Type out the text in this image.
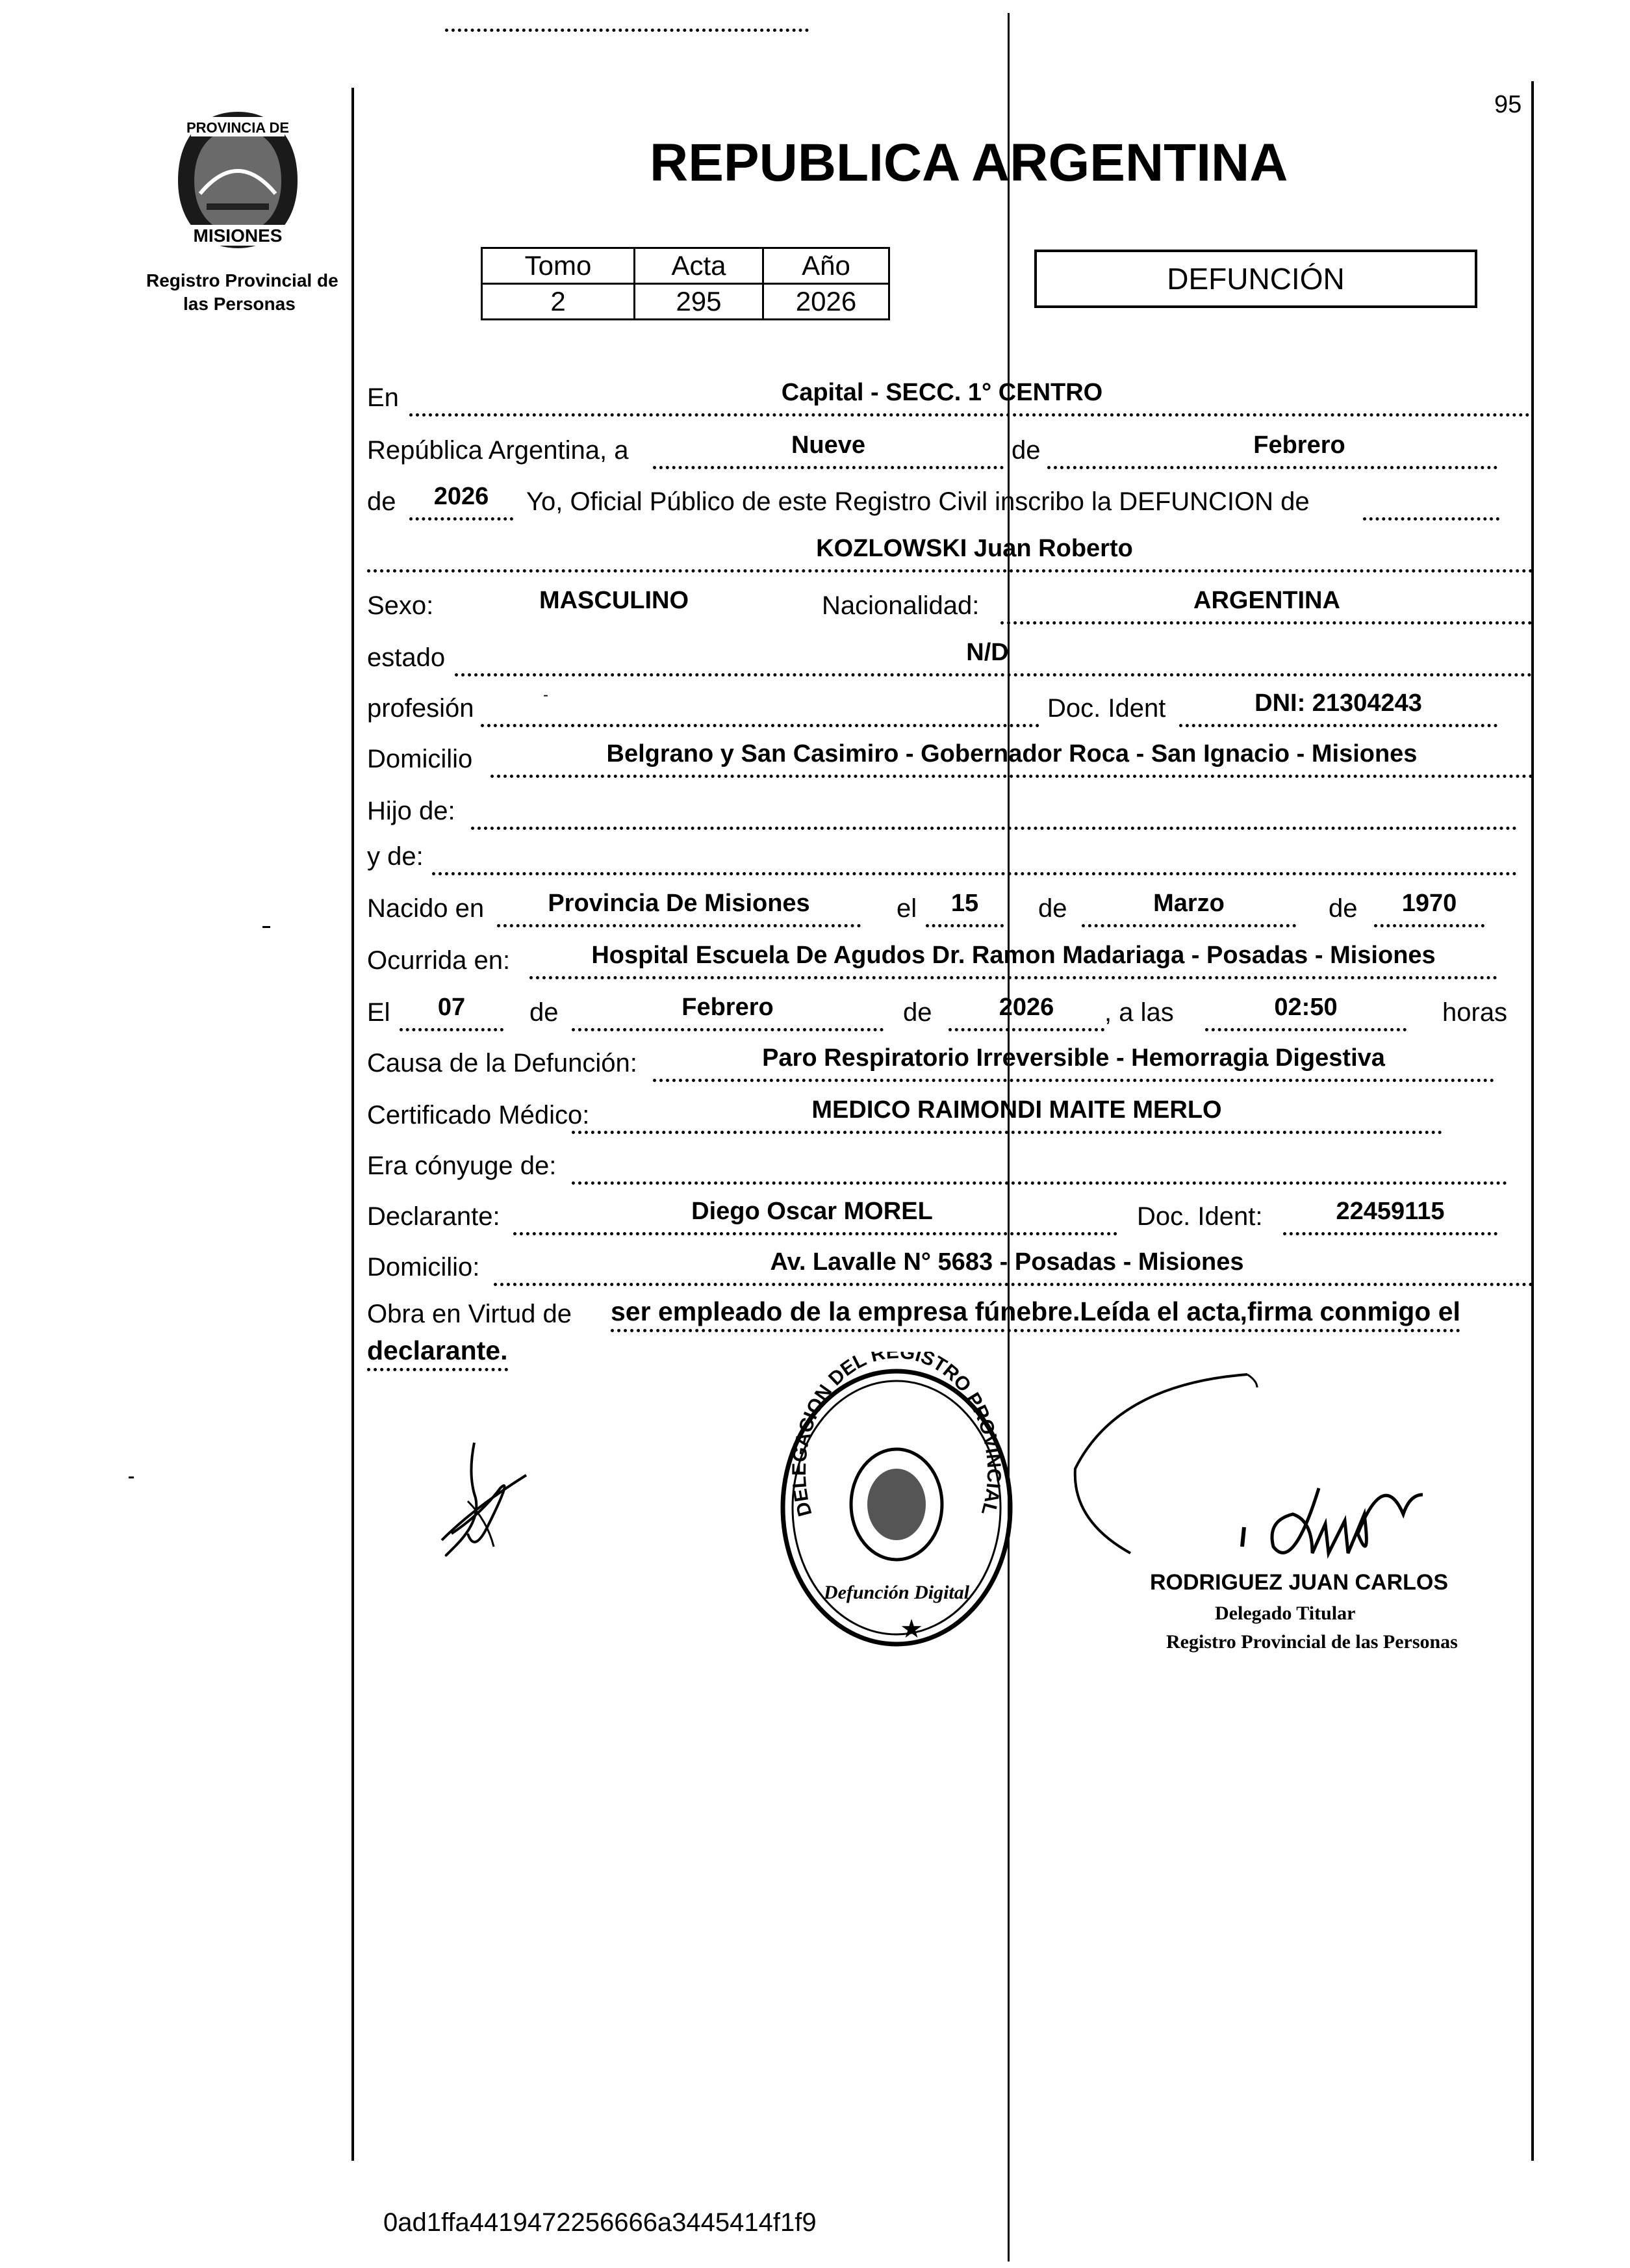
95
PROVINCIA DE
MISIONES
Registro Provincial de
las Personas
REPUBLICA ARGENTINA
Tomo	Acta	Año
2	295	2026
DEFUNCIÓN
En	Capital - SECC. 1° CENTRO
República Argentina, a	Nueve	de	Febrero
de	2026	Yo, Oficial Público de este Registro Civil inscribo la DEFUNCION de
KOZLOWSKI Juan Roberto
Sexo:	MASCULINO	Nacionalidad:	ARGENTINA
estado	N/D
profesión	-	Doc. Ident	DNI: 21304243
Domicilio	Belgrano y San Casimiro - Gobernador Roca - San Ignacio - Misiones
Hijo de:
y de:
Nacido en	Provincia De Misiones	el	15	de	Marzo	de	1970
Ocurrida en:	Hospital Escuela De Agudos Dr. Ramon Madariaga - Posadas - Misiones
El	07	de	Febrero	de	2026	, a las	02:50	horas
Causa de la Defunción:	Paro Respiratorio Irreversible - Hemorragia Digestiva
Certificado Médico:	MEDICO RAIMONDI MAITE MERLO
Era cónyuge de:
Declarante:	Diego Oscar MOREL	Doc. Ident:	22459115
Domicilio:	Av. Lavalle N° 5683 - Posadas - Misiones
Obra en Virtud de ser empleado de la empresa fúnebre.Leída el acta,firma conmigo el
declarante.
DELEGACION DEL REGISTRO PROVINCIAL
Defunción Digital
★
RODRIGUEZ JUAN CARLOS
Delegado Titular
Registro Provincial de las Personas
0ad1ffa4419472256666a3445414f1f9
